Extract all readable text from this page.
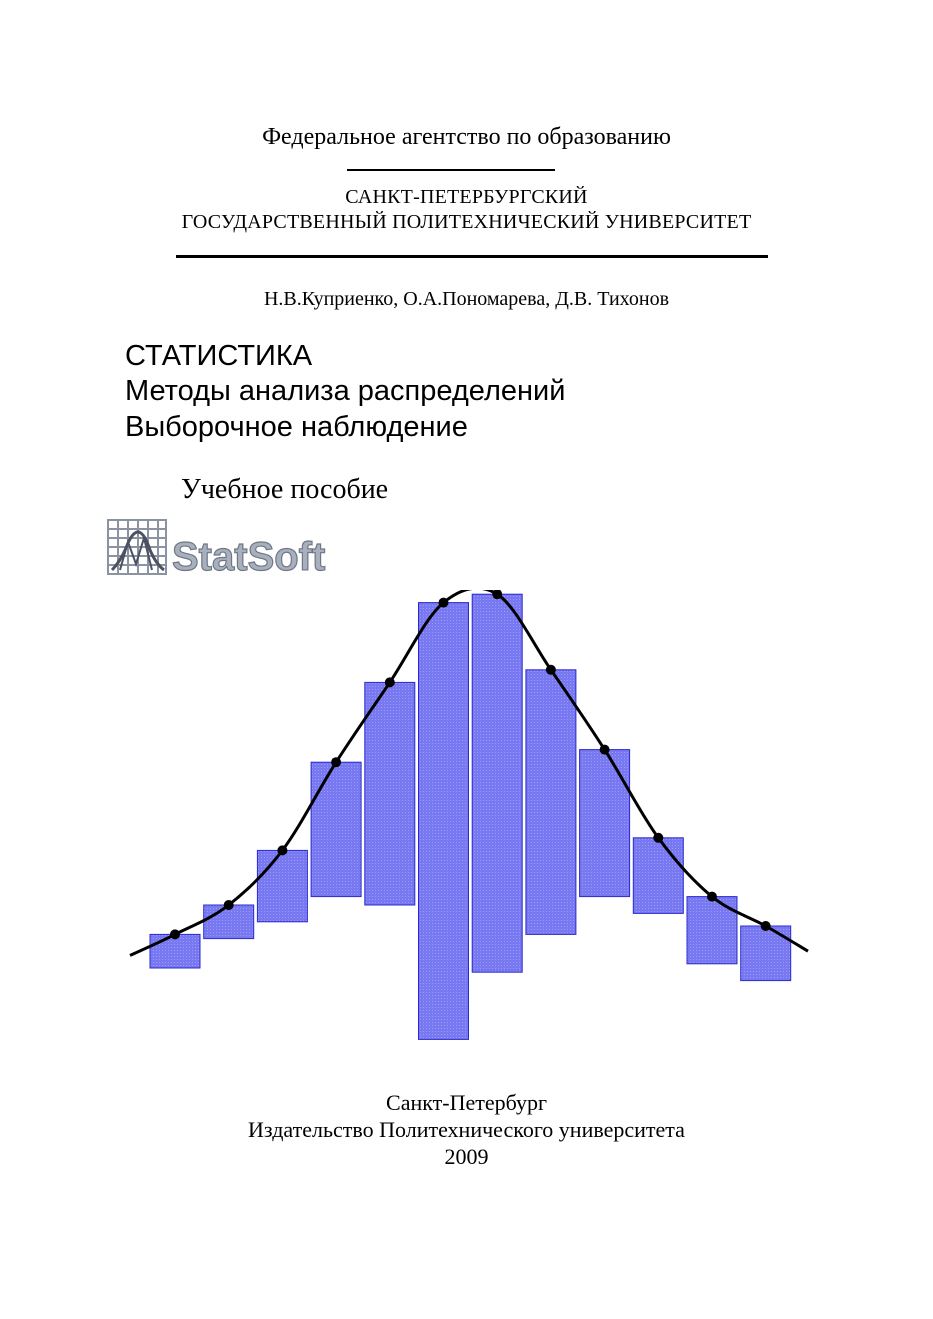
Федеральное агентство по образованию
САНКТ-ПЕТЕРБУРГСКИЙ
ГОСУДАРСТВЕННЫЙ ПОЛИТЕХНИЧЕСКИЙ УНИВЕРСИТЕТ
Н.В.Куприенко, О.А.Пономарева, Д.В. Тихонов
СТАТИСТИКА
Методы анализа распределений
Выборочное наблюдение
Учебное пособие
StatSoft
Санкт-Петербург
Издательство Политехнического университета
2009
